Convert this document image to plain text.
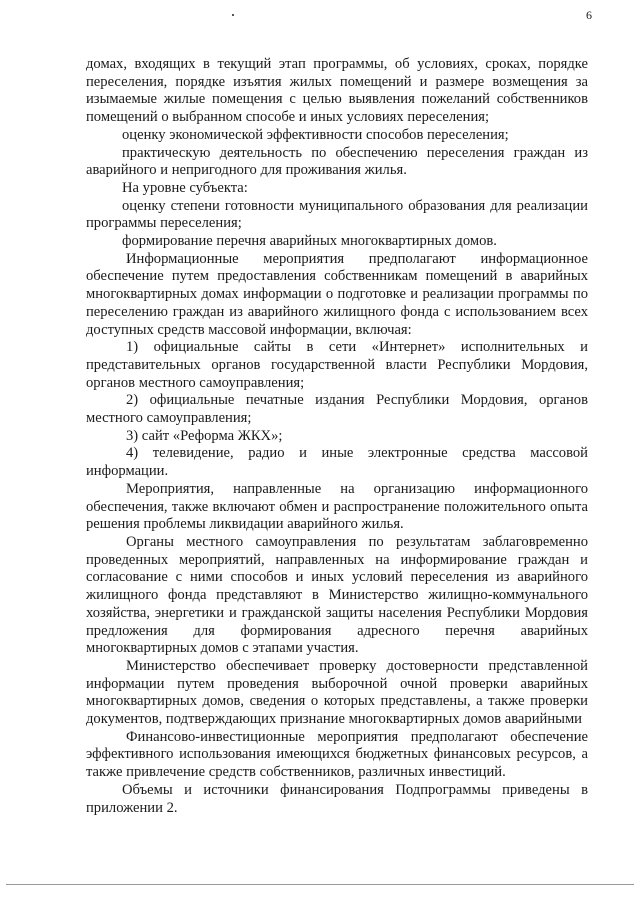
6

домах, входящих в текущий этап программы, об условиях, сроках, порядке переселения, порядке изъятия жилых помещений и размере возмещения за изымаемые жилые помещения с целью выявления пожеланий собственников помещений о выбранном способе и иных условиях переселения;

оценку экономической эффективности способов переселения;

практическую деятельность по обеспечению переселения граждан из аварийного и непригодного для проживания жилья.

На уровне субъекта:

оценку степени готовности муниципального образования для реализации программы переселения;

формирование перечня аварийных многоквартирных домов.

Информационные мероприятия предполагают информационное обеспечение путем предоставления собственникам помещений в аварийных многоквартирных домах информации о подготовке и реализации программы по переселению граждан из аварийного жилищного фонда с использованием всех доступных средств массовой информации, включая:

1) официальные сайты в сети «Интернет» исполнительных и представительных органов государственной власти Республики Мордовия, органов местного самоуправления;

2) официальные печатные издания Республики Мордовия, органов местного самоуправления;

3) сайт «Реформа ЖКХ»;

4) телевидение, радио и иные электронные средства массовой информации.

Мероприятия, направленные на организацию информационного обеспечения, также включают обмен и распространение положительного опыта решения проблемы ликвидации аварийного жилья.

Органы местного самоуправления по результатам заблаговременно проведенных мероприятий, направленных на информирование граждан и согласование с ними способов и иных условий переселения из аварийного жилищного фонда представляют в Министерство жилищно-коммунального хозяйства, энергетики и гражданской защиты населения Республики Мордовия предложения для формирования адресного перечня аварийных многоквартирных домов с этапами участия.

Министерство обеспечивает проверку достоверности представленной информации путем проведения выборочной очной проверки аварийных многоквартирных домов, сведения о которых представлены, а также проверки документов, подтверждающих признание многоквартирных домов аварийными

Финансово-инвестиционные мероприятия предполагают обеспечение эффективного использования имеющихся бюджетных финансовых ресурсов, а также привлечение средств собственников, различных инвестиций.

Объемы и источники финансирования Подпрограммы приведены в приложении 2.
